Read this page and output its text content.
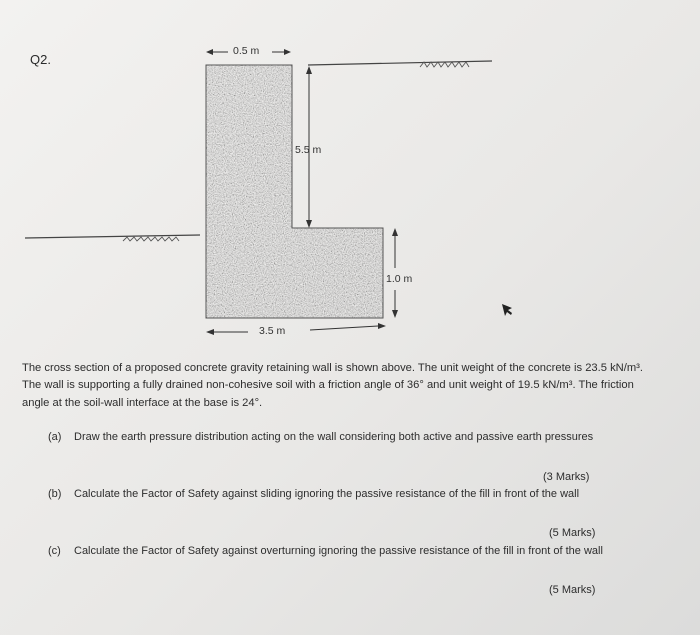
Q2.
0.5 m
5.5 m
1.0 m
3.5 m
The cross section of a proposed concrete gravity retaining wall is shown above. The unit weight of the concrete is 23.5 kN/m³. The wall is supporting a fully drained non-cohesive soil with a friction angle of 36° and unit weight of 19.5 kN/m³. The friction angle at the soil-wall interface at the base is 24°.
(a)	Draw the earth pressure distribution acting on the wall considering both active and passive earth pressures
(3 Marks)
(b)	Calculate the Factor of Safety against sliding ignoring the passive resistance of the fill in front of the wall
(5 Marks)
(c)	Calculate the Factor of Safety against overturning ignoring the passive resistance of the fill in front of the wall
(5 Marks)
